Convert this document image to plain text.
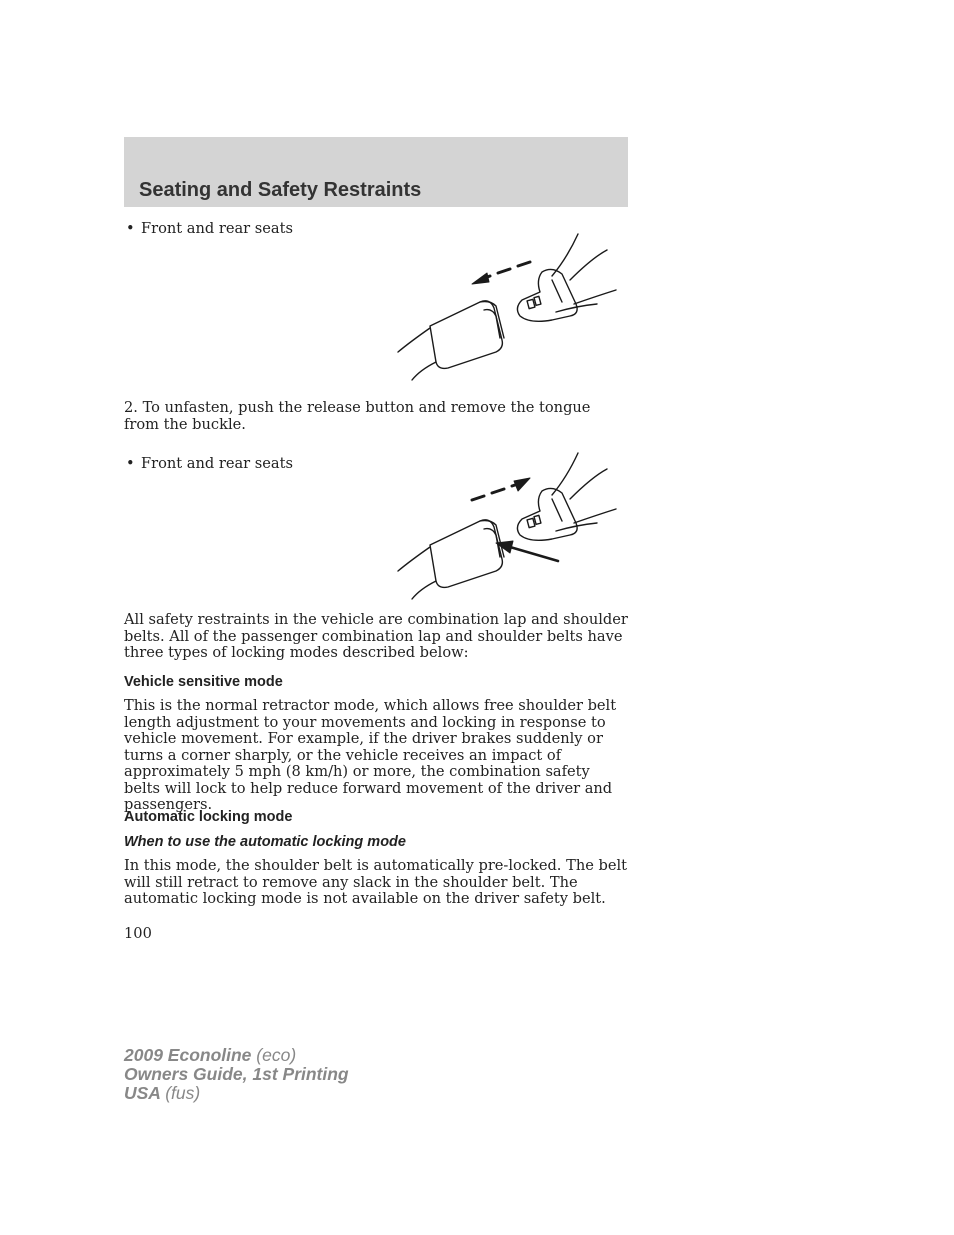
Seating and Safety Restraints
• Front and rear seats
2. To unfasten, push the release button and remove the tongue from the buckle.
• Front and rear seats
All safety restraints in the vehicle are combination lap and shoulder belts. All of the passenger combination lap and shoulder belts have three types of locking modes described below:
Vehicle sensitive mode
This is the normal retractor mode, which allows free shoulder belt length adjustment to your movements and locking in response to vehicle movement. For example, if the driver brakes suddenly or turns a corner sharply, or the vehicle receives an impact of approximately 5 mph (8 km/h) or more, the combination safety belts will lock to help reduce forward movement of the driver and passengers.
Automatic locking mode
When to use the automatic locking mode
In this mode, the shoulder belt is automatically pre-locked. The belt will still retract to remove any slack in the shoulder belt. The automatic locking mode is not available on the driver safety belt.
100
2009 Econoline (eco)
Owners Guide, 1st Printing
USA (fus)
